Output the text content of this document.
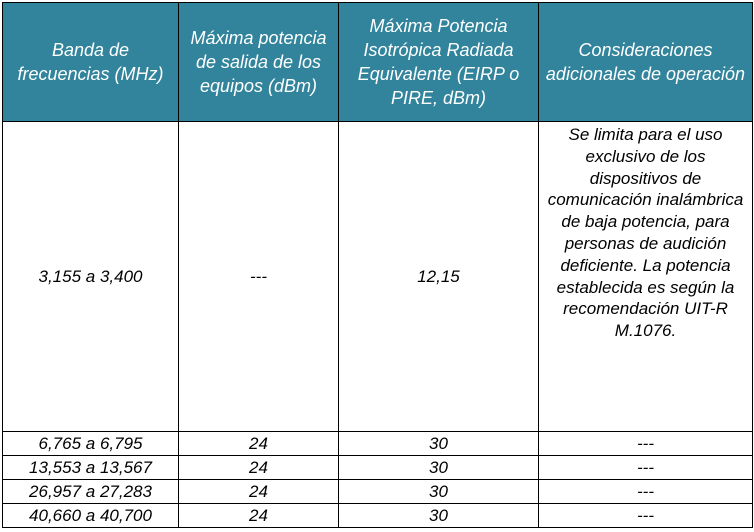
Banda de frecuencias (MHz)	Máxima potencia de salida de los equipos (dBm)	Máxima Potencia Isotrópica Radiada Equivalente (EIRP o PIRE, dBm)	Consideraciones adicionales de operación
3,155 a 3,400	---	12,15	Se limita para el uso exclusivo de los dispositivos de comunicación inalámbrica de baja potencia, para personas de audición deficiente. La potencia establecida es según la recomendación UIT-R M.1076.
6,765 a 6,795	24	30	---
13,553 a 13,567	24	30	---
26,957 a 27,283	24	30	---
40,660 a 40,700	24	30	---
